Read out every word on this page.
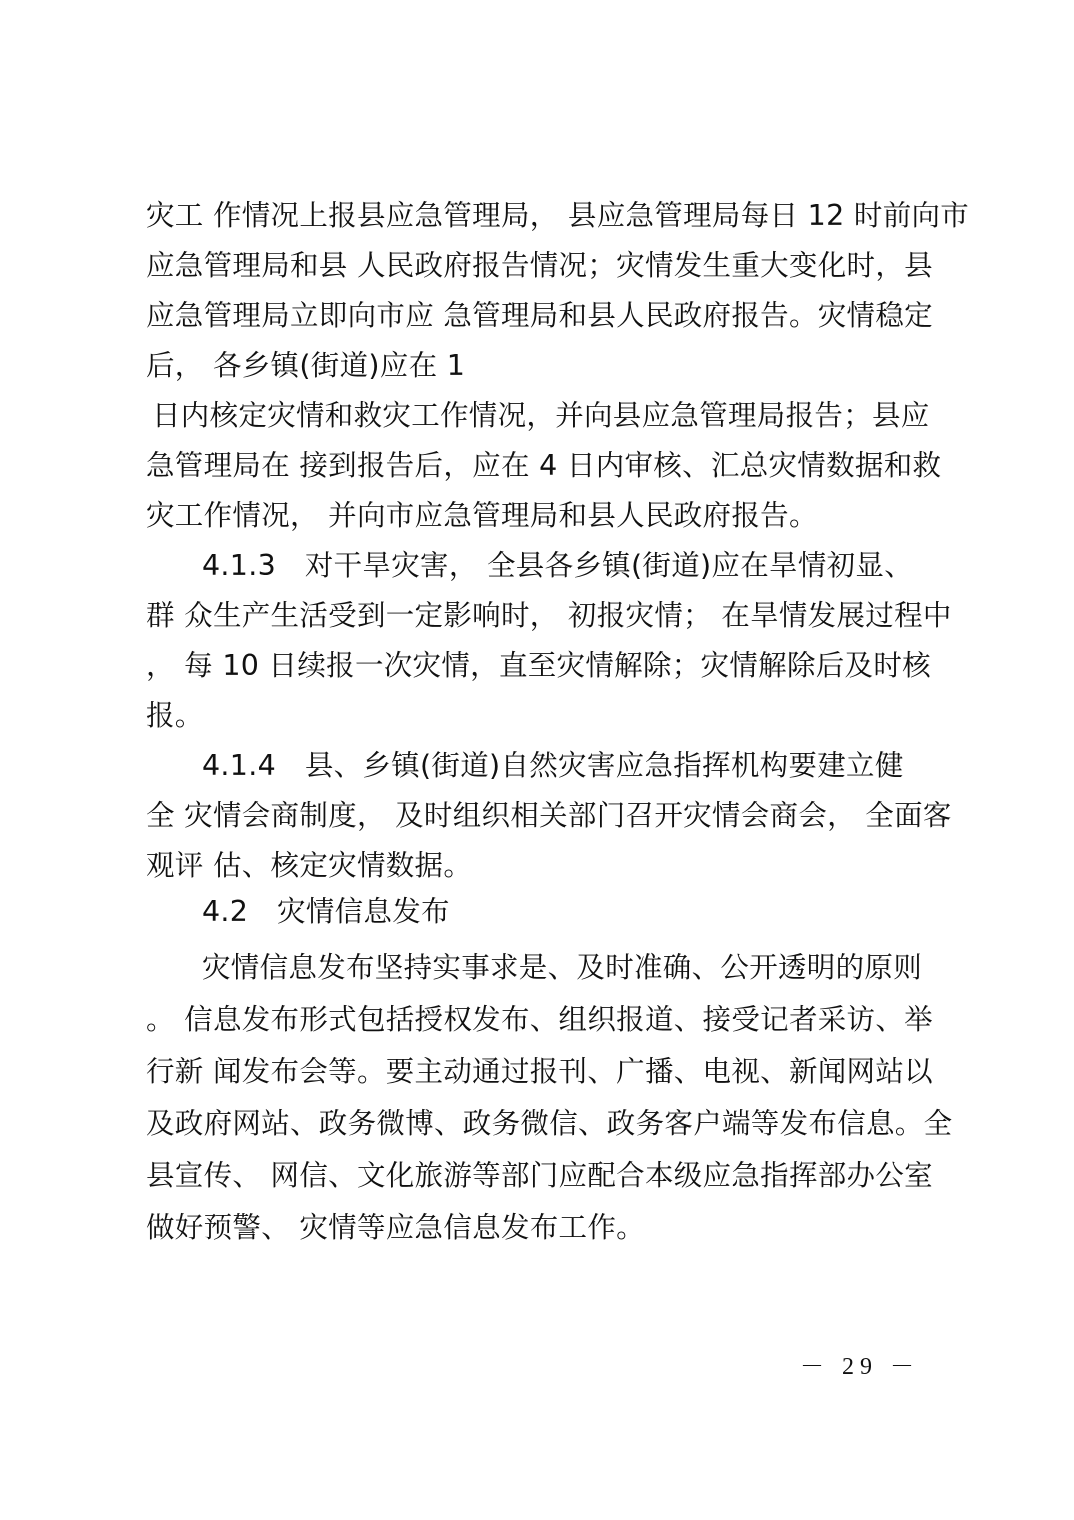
灾工 作情况上报县应急管理局， 县应急管理局每日 12 时前向市
应急管理局和县 人民政府报告情况；灾情发生重大变化时，县
应急管理局立即向市应 急管理局和县人民政府报告。灾情稳定
后， 各乡镇(街道)应在 1
日内核定灾情和救灾工作情况，并向县应急管理局报告；县应
急管理局在 接到报告后，应在 4 日内审核、汇总灾情数据和救
灾工作情况， 并向市应急管理局和县人民政府报告。
4.1.3　对干旱灾害， 全县各乡镇(街道)应在旱情初显、
群 众生产生活受到一定影响时， 初报灾情； 在旱情发展过程中
， 每 10 日续报一次灾情，直至灾情解除；灾情解除后及时核
报。
4.1.4　县、乡镇(街道)自然灾害应急指挥机构要建立健
全 灾情会商制度， 及时组织相关部门召开灾情会商会， 全面客
观评 估、核定灾情数据。
4.2　灾情信息发布
灾情信息发布坚持实事求是、及时准确、公开透明的原则
。 信息发布形式包括授权发布、组织报道、接受记者采访、举
行新 闻发布会等。要主动通过报刊、广播、电视、新闻网站以
及政府网站、政务微博、政务微信、政务客户端等发布信息。全
县宣传、 网信、文化旅游等部门应配合本级应急指挥部办公室
做好预警、 灾情等应急信息发布工作。
－ 29 －
